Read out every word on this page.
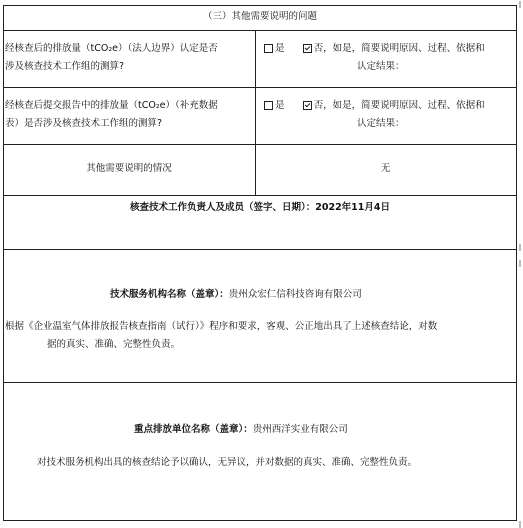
（三）其他需要说明的问题
经核查后的排放量（tCO₂e）（法人边界）认定是否
涉及核查技术工作组的测算?
是	否，如是，简要说明原因、过程、依据和
认定结果：
经核查后提交报告中的排放量（tCO₂e）（补充数据
表）是否涉及核查技术工作组的测算?
是	否，如是，简要说明原因、过程、依据和
认定结果：
其他需要说明的情况	无
核查技术工作负责人及成员（签字、日期）：2022年11月4日
技术服务机构名称（盖章）：贵州众宏仁信科技咨询有限公司
根据《企业温室气体排放报告核查指南（试行）》程序和要求，客观、公正地出具了上述核查结论，对数
据的真实、准确、完整性负责。
重点排放单位名称（盖章）：贵州西洋实业有限公司
对技术服务机构出具的核查结论予以确认，无异议，并对数据的真实、准确、完整性负责。
